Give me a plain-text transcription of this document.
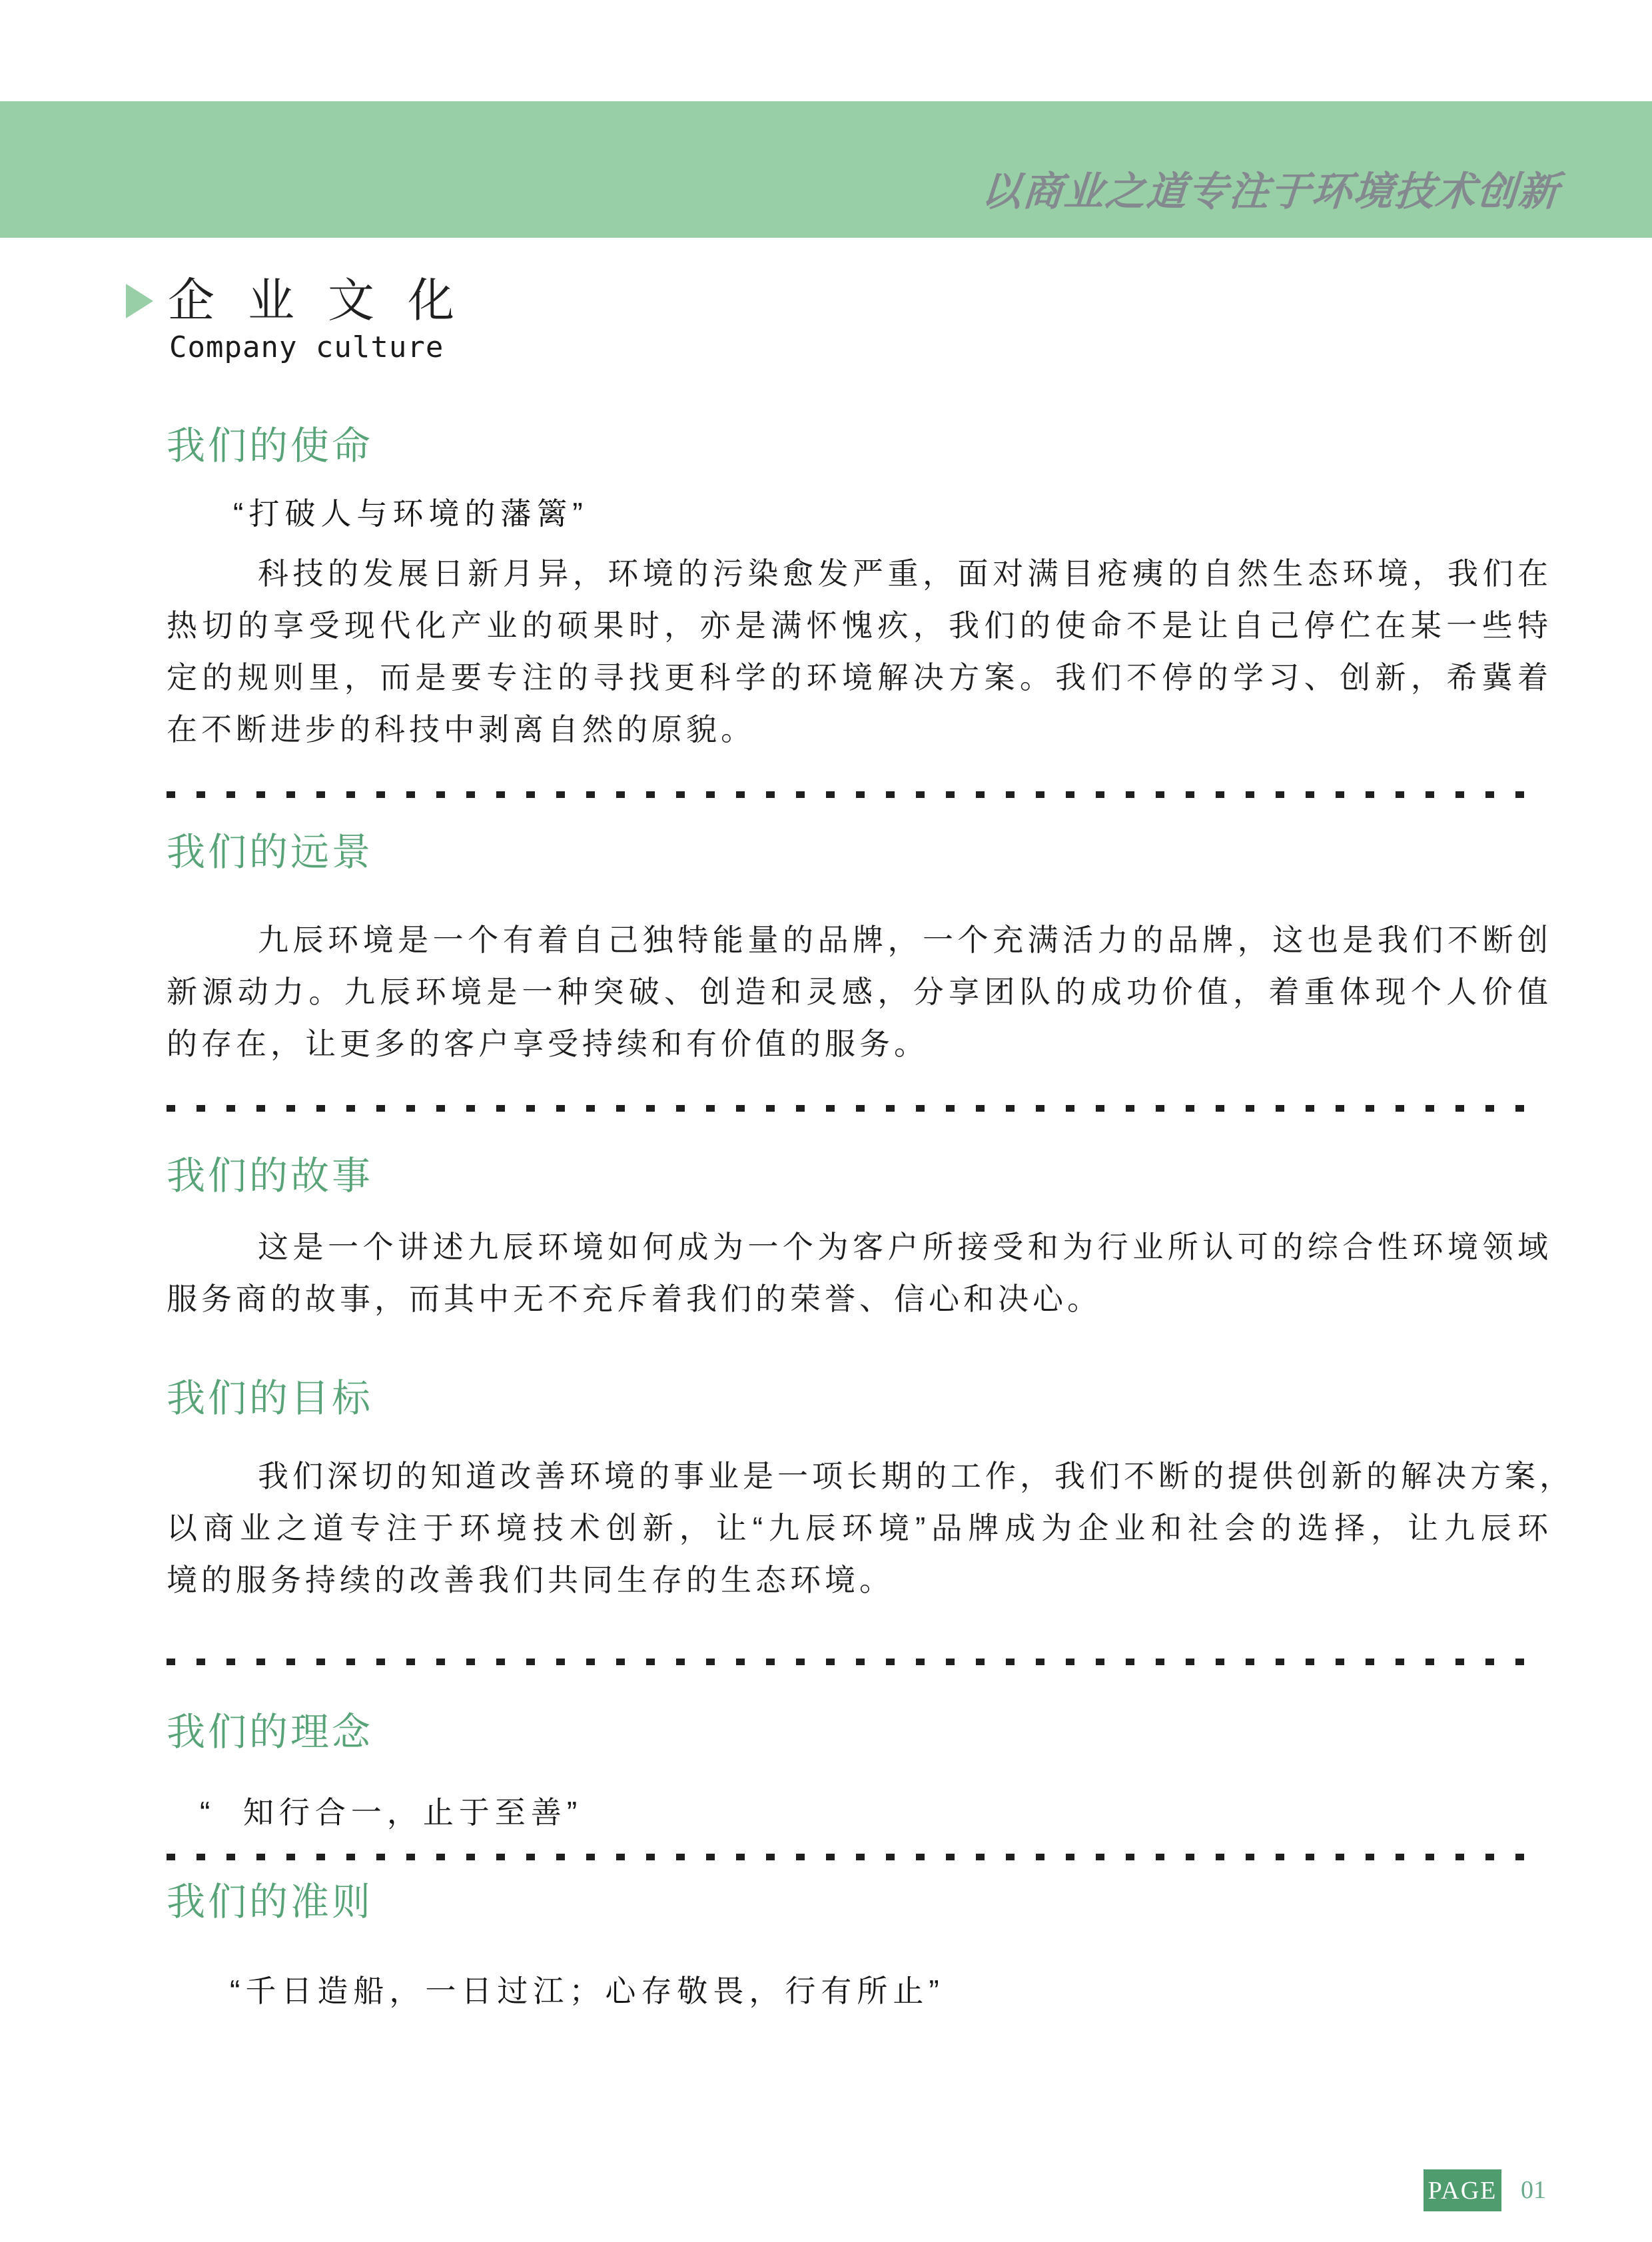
以商业之道专注于环境技术创新
企业文化
Company culture
我们的使命
“打破人与环境的藩篱”
科技的发展日新月异，环境的污染愈发严重，面对满目疮痍的自然生态环境，我们在
热切的享受现代化产业的硕果时，亦是满怀愧疚，我们的使命不是让自己停伫在某一些特
定的规则里，而是要专注的寻找更科学的环境解决方案。我们不停的学习、创新，希冀着
在不断进步的科技中剥离自然的原貌。
我们的远景
九辰环境是一个有着自己独特能量的品牌，一个充满活力的品牌，这也是我们不断创
新源动力。九辰环境是一种突破、创造和灵感，分享团队的成功价值，着重体现个人价值
的存在，让更多的客户享受持续和有价值的服务。
我们的故事
这是一个讲述九辰环境如何成为一个为客户所接受和为行业所认可的综合性环境领域
服务商的故事，而其中无不充斥着我们的荣誉、信心和决心。
我们的目标
我们深切的知道改善环境的事业是一项长期的工作，我们不断的提供创新的解决方案，
以商业之道专注于环境技术创新，让“九辰环境”品牌成为企业和社会的选择，让九辰环
境的服务持续的改善我们共同生存的生态环境。
我们的理念
“  知行合一，止于至善”
我们的准则
“千日造船，一日过江；心存敬畏，行有所止”
PAGE 01
